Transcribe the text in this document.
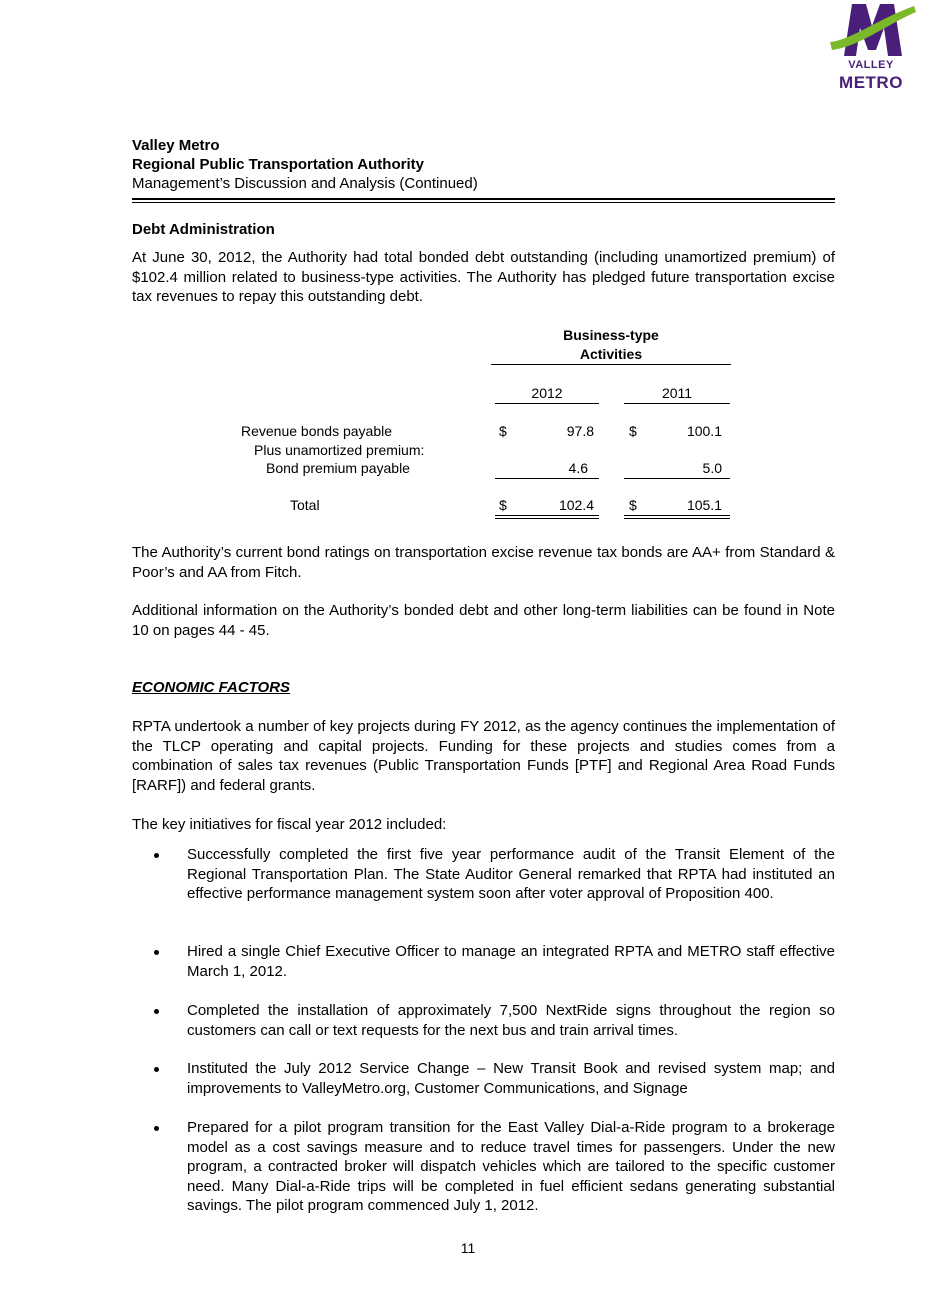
VALLEY
METRO
Valley Metro
Regional Public Transportation Authority
Management’s Discussion and Analysis (Continued)
Debt Administration

At June 30, 2012, the Authority had total bonded debt outstanding (including unamortized premium) of $102.4 million related to business-type activities. The Authority has pledged future transportation excise tax revenues to repay this outstanding debt.

Business-type
Activities
2012	2011
Revenue bonds payable	$	97.8	$	100.1
Plus unamortized premium:
Bond premium payable	4.6	5.0
Total	$	102.4	$	105.1

The Authority’s current bond ratings on transportation excise revenue tax bonds are AA+ from Standard & Poor’s and AA from Fitch.

Additional information on the Authority’s bonded debt and other long-term liabilities can be found in Note 10 on pages 44 - 45.

ECONOMIC FACTORS

RPTA undertook a number of key projects during FY 2012, as the agency continues the implementation of the TLCP operating and capital projects. Funding for these projects and studies comes from a combination of sales tax revenues (Public Transportation Funds [PTF] and Regional Area Road Funds [RARF]) and federal grants.

The key initiatives for fiscal year 2012 included:

Successfully completed the first five year performance audit of the Transit Element of the Regional Transportation Plan. The State Auditor General remarked that RPTA had instituted an effective performance management system soon after voter approval of Proposition 400.

Hired a single Chief Executive Officer to manage an integrated RPTA and METRO staff effective March 1, 2012.

Completed the installation of approximately 7,500 NextRide signs throughout the region so customers can call or text requests for the next bus and train arrival times.

Instituted the July 2012 Service Change – New Transit Book and revised system map; and improvements to ValleyMetro.org, Customer Communications, and Signage

Prepared for a pilot program transition for the East Valley Dial-a-Ride program to a brokerage model as a cost savings measure and to reduce travel times for passengers. Under the new program, a contracted broker will dispatch vehicles which are tailored to the specific customer need. Many Dial-a-Ride trips will be completed in fuel efficient sedans generating substantial savings. The pilot program commenced July 1, 2012.

11
